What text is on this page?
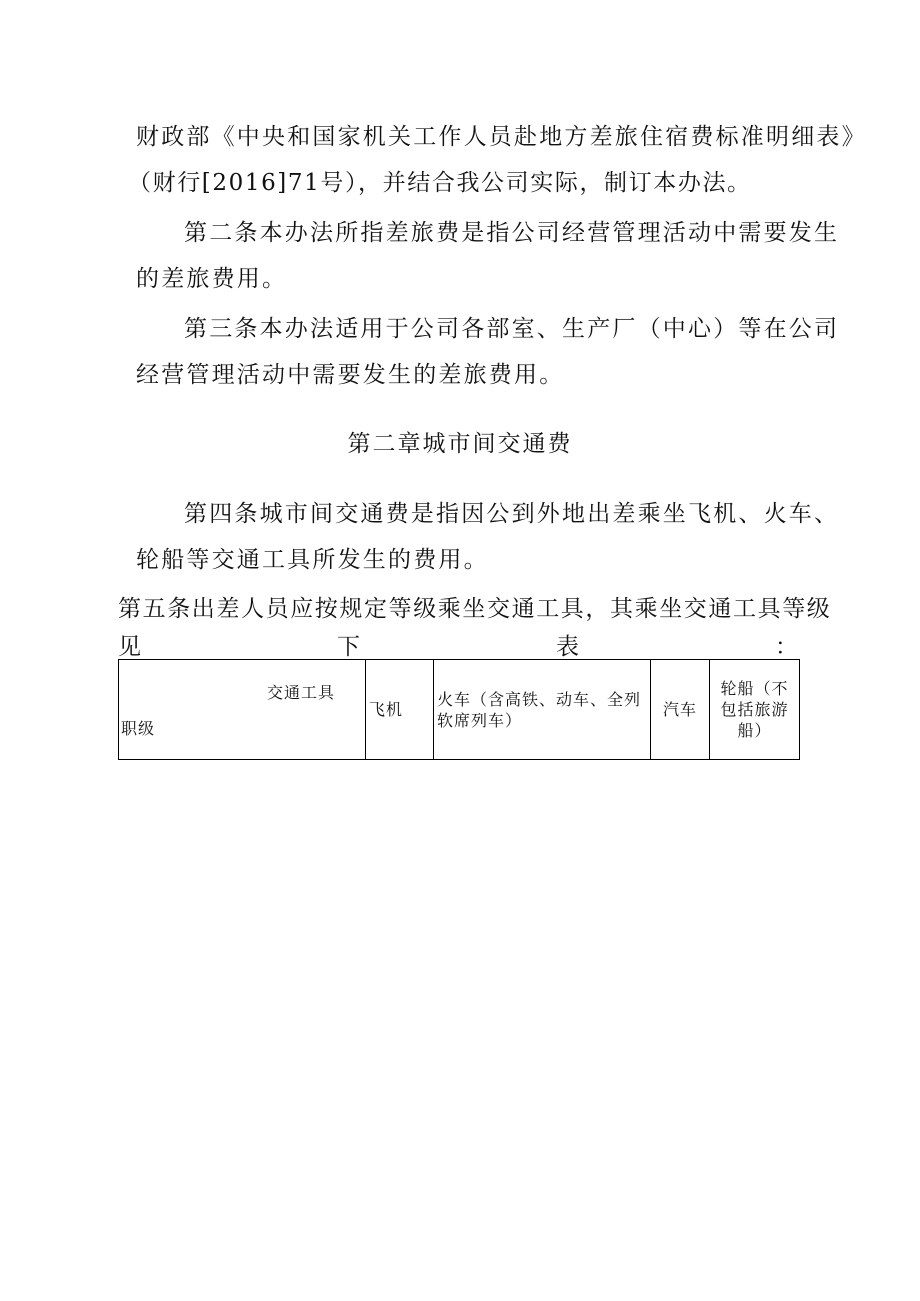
财政部《中央和国家机关工作人员赴地方差旅住宿费标准明细表》
（财行[2016]71号），并结合我公司实际，制订本办法。
第二条本办法所指差旅费是指公司经营管理活动中需要发生
的差旅费用。
第三条本办法适用于公司各部室、生产厂（中心）等在公司
经营管理活动中需要发生的差旅费用。
第二章城市间交通费
第四条城市间交通费是指因公到外地出差乘坐飞机、火车、
轮船等交通工具所发生的费用。
第五条出差人员应按规定等级乘坐交通工具，其乘坐交通工具等级
见	下	表	：
交通工具
职级
	飞机	火车（含高铁、动车、全列软席列车）	汽车	轮船（不包括旅游船）
